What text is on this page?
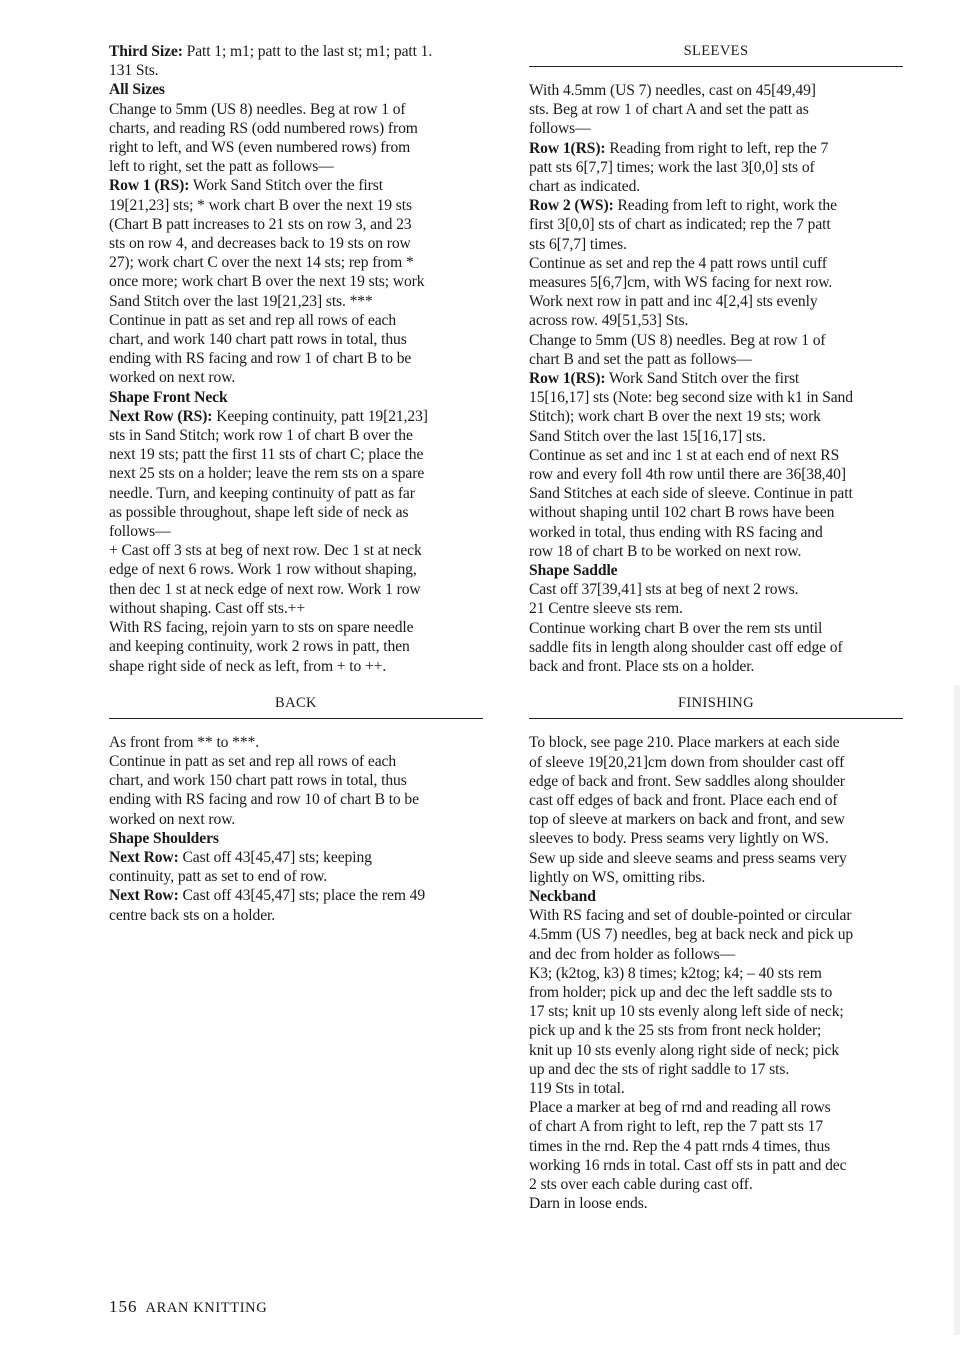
Third Size: Patt 1; m1; patt to the last st; m1; patt 1.
131 Sts.

All Sizes

Change to 5mm (US 8) needles. Beg at row 1 of
charts, and reading RS (odd numbered rows) from
right to left, and WS (even numbered rows) from
left to right, set the patt as follows—

Row 1 (RS): Work Sand Stitch over the first
19[21,23] sts; * work chart B over the next 19 sts
(Chart B patt increases to 21 sts on row 3, and 23
sts on row 4, and decreases back to 19 sts on row
27); work chart C over the next 14 sts; rep from *
once more; work chart B over the next 19 sts; work
Sand Stitch over the last 19[21,23] sts. ***

Continue in patt as set and rep all rows of each
chart, and work 140 chart patt rows in total, thus
ending with RS facing and row 1 of chart B to be
worked on next row.

Shape Front Neck

Next Row (RS): Keeping continuity, patt 19[21,23]
sts in Sand Stitch; work row 1 of chart B over the
next 19 sts; patt the first 11 sts of chart C; place the
next 25 sts on a holder; leave the rem sts on a spare
needle. Turn, and keeping continuity of patt as far
as possible throughout, shape left side of neck as
follows—

+ Cast off 3 sts at beg of next row. Dec 1 st at neck
edge of next 6 rows. Work 1 row without shaping,
then dec 1 st at neck edge of next row. Work 1 row
without shaping. Cast off sts.++

With RS facing, rejoin yarn to sts on spare needle
and keeping continuity, work 2 rows in patt, then
shape right side of neck as left, from + to ++.

BACK

As front from ** to ***.

Continue in patt as set and rep all rows of each
chart, and work 150 chart patt rows in total, thus
ending with RS facing and row 10 of chart B to be
worked on next row.

Shape Shoulders

Next Row: Cast off 43[45,47] sts; keeping
continuity, patt as set to end of row.

Next Row: Cast off 43[45,47] sts; place the rem 49
centre back sts on a holder.

SLEEVES

With 4.5mm (US 7) needles, cast on 45[49,49]
sts. Beg at row 1 of chart A and set the patt as
follows—

Row 1(RS): Reading from right to left, rep the 7
patt sts 6[7,7] times; work the last 3[0,0] sts of
chart as indicated.

Row 2 (WS): Reading from left to right, work the
first 3[0,0] sts of chart as indicated; rep the 7 patt
sts 6[7,7] times.

Continue as set and rep the 4 patt rows until cuff
measures 5[6,7]cm, with WS facing for next row.
Work next row in patt and inc 4[2,4] sts evenly
across row. 49[51,53] Sts.

Change to 5mm (US 8) needles. Beg at row 1 of
chart B and set the patt as follows—

Row 1(RS): Work Sand Stitch over the first
15[16,17] sts (Note: beg second size with k1 in Sand
Stitch); work chart B over the next 19 sts; work
Sand Stitch over the last 15[16,17] sts.

Continue as set and inc 1 st at each end of next RS
row and every foll 4th row until there are 36[38,40]
Sand Stitches at each side of sleeve. Continue in patt
without shaping until 102 chart B rows have been
worked in total, thus ending with RS facing and
row 18 of chart B to be worked on next row.

Shape Saddle

Cast off 37[39,41] sts at beg of next 2 rows.
21 Centre sleeve sts rem.

Continue working chart B over the rem sts until
saddle fits in length along shoulder cast off edge of
back and front. Place sts on a holder.

FINISHING

To block, see page 210. Place markers at each side
of sleeve 19[20,21]cm down from shoulder cast off
edge of back and front. Sew saddles along shoulder
cast off edges of back and front. Place each end of
top of sleeve at markers on back and front, and sew
sleeves to body. Press seams very lightly on WS.
Sew up side and sleeve seams and press seams very
lightly on WS, omitting ribs.

Neckband

With RS facing and set of double-pointed or circular
4.5mm (US 7) needles, beg at back neck and pick up
and dec from holder as follows—

K3; (k2tog, k3) 8 times; k2tog; k4; – 40 sts rem
from holder; pick up and dec the left saddle sts to
17 sts; knit up 10 sts evenly along left side of neck;
pick up and k the 25 sts from front neck holder;
knit up 10 sts evenly along right side of neck; pick
up and dec the sts of right saddle to 17 sts.
119 Sts in total.

Place a marker at beg of rnd and reading all rows
of chart A from right to left, rep the 7 patt sts 17
times in the rnd. Rep the 4 patt rnds 4 times, thus
working 16 rnds in total. Cast off sts in patt and dec
2 sts over each cable during cast off.

Darn in loose ends.

156 ARAN KNITTING
